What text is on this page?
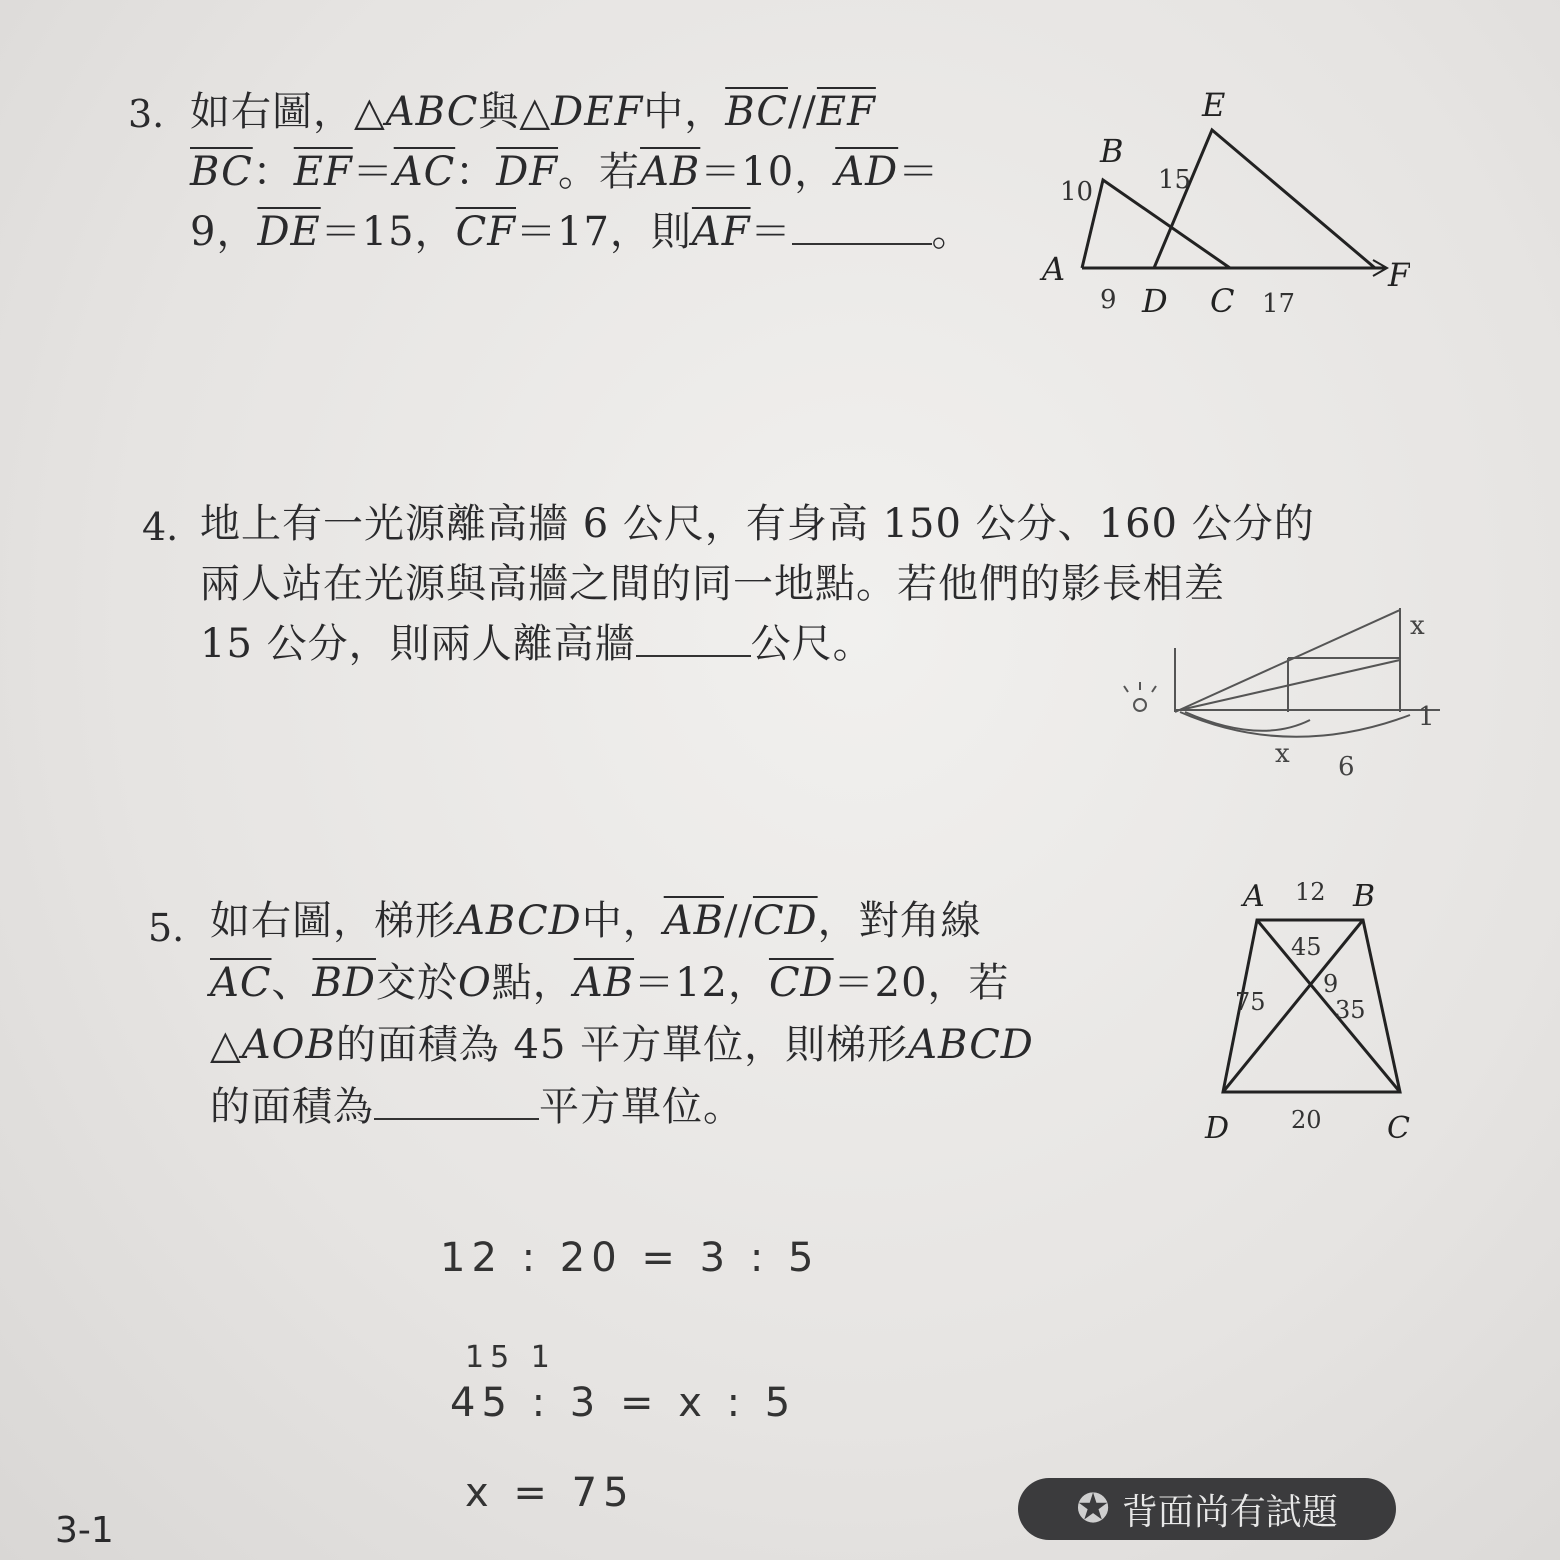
3. 如右圖，△ABC與△DEF中，$\overline{BC}//\overline{EF}$
$\overline{BC}$：$\overline{EF}=\overline{AC}$：$\overline{DF}$。若$\overline{AB}=10$，$\overline{AD}=$
9，$\overline{DE}=15$，$\overline{CF}=17$，則$\overline{AF}=$	。
A
B
C
D
E
F
10 15
9	17
4. 地上有一光源離高牆 6 公尺，有身高 150 公分、160 公分的
兩人站在光源與高牆之間的同一地點。若他們的影長相差
15 公分，則兩人離高牆	公尺。	x
x 6
1
5. 如右圖，梯形ABCD中，$\overline{AB}//\overline{CD}$，對角線
$\overline{AC}$、$\overline{BD}$交於O點，$\overline{AB}=12$，$\overline{CD}=20$，若
△AOB的面積為 45 平方單位，則梯形ABCD
的面積為	平方單位。
A	B
C
D
12
20
45
75
9
35
12 : 20 = 3 : 5
15 1
45 : 3 = x : 5
x = 75
3-1	✪ 背面尚有試題
